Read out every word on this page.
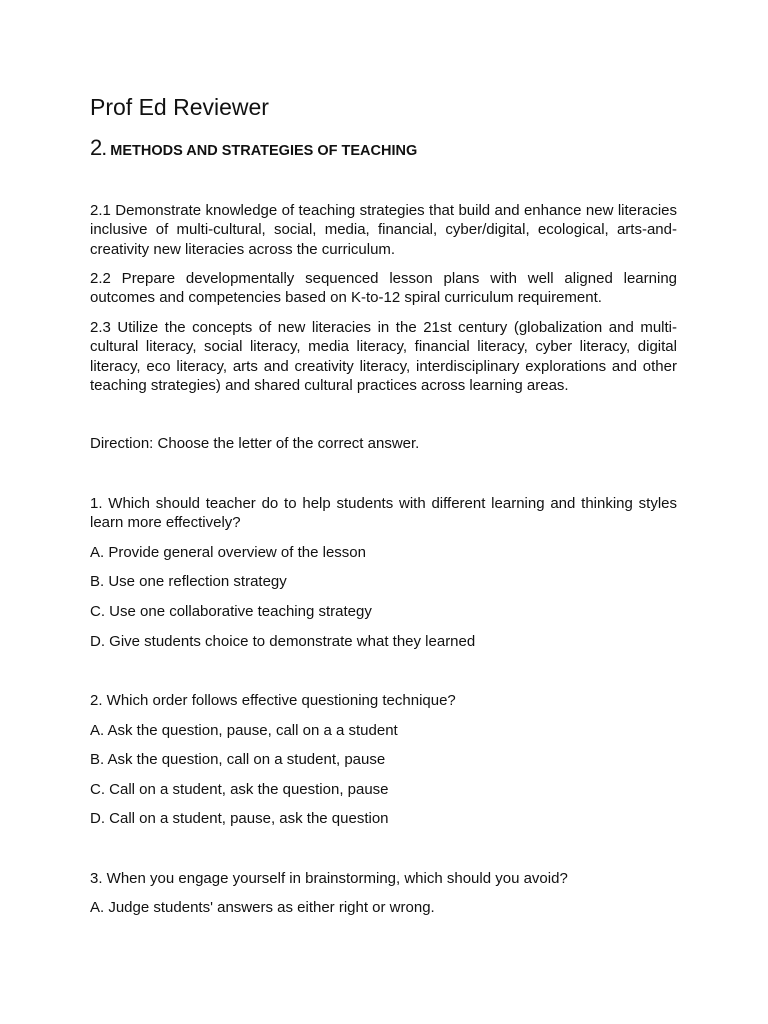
Prof Ed Reviewer
2. METHODS AND STRATEGIES OF TEACHING

2.1 Demonstrate knowledge of teaching strategies that build and enhance new literacies inclusive of multi-cultural, social, media, financial, cyber/digital, ecological, arts-and-creativity new literacies across the curriculum.

2.2 Prepare developmentally sequenced lesson plans with well aligned learning outcomes and competencies based on K-to-12 spiral curriculum requirement.

2.3 Utilize the concepts of new literacies in the 21st century (globalization and multi-cultural literacy, social literacy, media literacy, financial literacy, cyber literacy, digital literacy, eco literacy, arts and creativity literacy, interdisciplinary explorations and other teaching strategies) and shared cultural practices across learning areas.

Direction: Choose the letter of the correct answer.

1. Which should teacher do to help students with different learning and thinking styles learn more effectively?

A. Provide general overview of the lesson

B. Use one reflection strategy

C. Use one collaborative teaching strategy

D. Give students choice to demonstrate what they learned

2. Which order follows effective questioning technique?

A. Ask the question, pause, call on a a student

B. Ask the question, call on a student, pause

C. Call on a student, ask the question, pause

D. Call on a student, pause, ask the question

3. When you engage yourself in brainstorming, which should you avoid?

A. Judge students' answers as either right or wrong.
